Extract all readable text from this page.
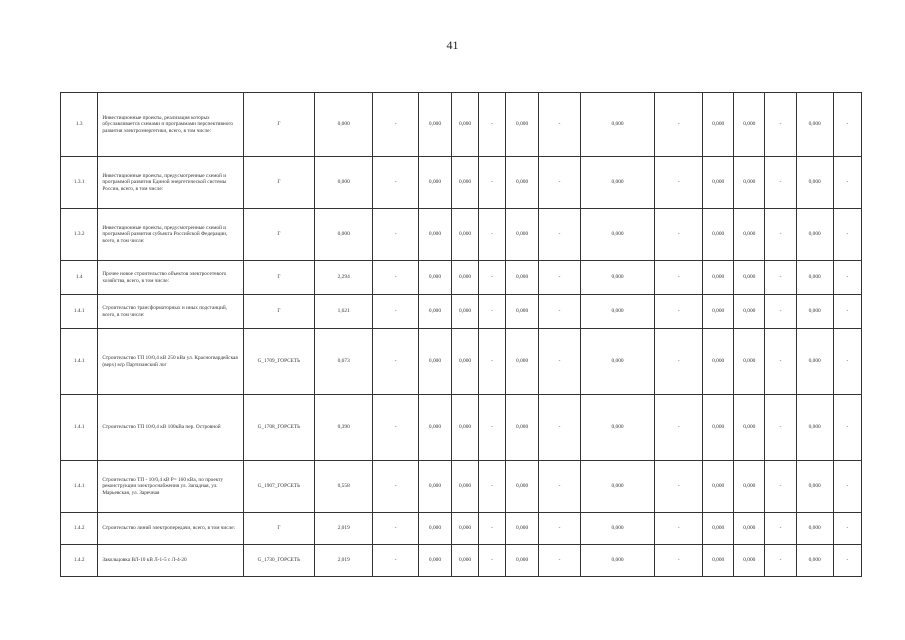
41
1.3	Инвестиционные проекты, реализация которых обуславливается схемами и программами перспективного развития электроэнергетики, всего, в том числе:	Г	0,000	-	0,000	0,000	-	0,000	-	0,000	-	0,000	0,000	-	0,000	-
1.3.1	Инвестиционные проекты, предусмотренные схемой и программой развития Единой энергетической системы России, всего, в том числе:	Г	0,000	-	0,000	0,000	-	0,000	-	0,000	-	0,000	0,000	-	0,000	-
1.3.2	Инвестиционные проекты, предусмотренные схемой и программой развития субъекта Российской Федерации, всего, в том числе:	Г	0,000	-	0,000	0,000	-	0,000	-	0,000	-	0,000	0,000	-	0,000	-
1.4	Прочее новое строительство объектов электросетевого хозяйства, всего, в том числе:	Г	2,294	-	0,000	0,000	-	0,000	-	0,000	-	0,000	0,000	-	0,000	-
1.4.1	Строительство трансформаторных и иных подстанций, всего, в том числе:	Г	1,621	-	0,000	0,000	-	0,000	-	0,000	-	0,000	0,000	-	0,000	-
1.4.1	Строительство ТП 10/0,4 кВ 250 кВа ул. Красногвардейская (верх) м/р Партизанский лог	G_1709_ГОРСЕТЬ	0,673	-	0,000	0,000	-	0,000	-	0,000	-	0,000	0,000	-	0,000	-
1.4.1	Строительство ТП 10/0,4 кВ 100кВа пер. Островной	G_1708_ГОРСЕТЬ	0,390	-	0,000	0,000	-	0,000	-	0,000	-	0,000	0,000	-	0,000	-
1.4.1	Строительство ТП - 10/0,4 кВ Р= 160 кВа, по проекту реконструкции электроснабжения ул. Западная, ул. Марьевская, ул. Заречная	G_1907_ГОРСЕТЬ	0,558	-	0,000	0,000	-	0,000	-	0,000	-	0,000	0,000	-	0,000	-
1.4.2	Строительство линий электропередачи, всего, в том числе:	Г	2,019	-	0,000	0,000	-	0,000	-	0,000	-	0,000	0,000	-	0,000	-
1.4.2	Закольцовка ВЛ-10 кВ Л-1-5 с Л-4-20	G_1730_ГОРСЕТЬ	2,019	-	0,000	0,000	-	0,000	-	0,000	-	0,000	0,000	-	0,000	-
